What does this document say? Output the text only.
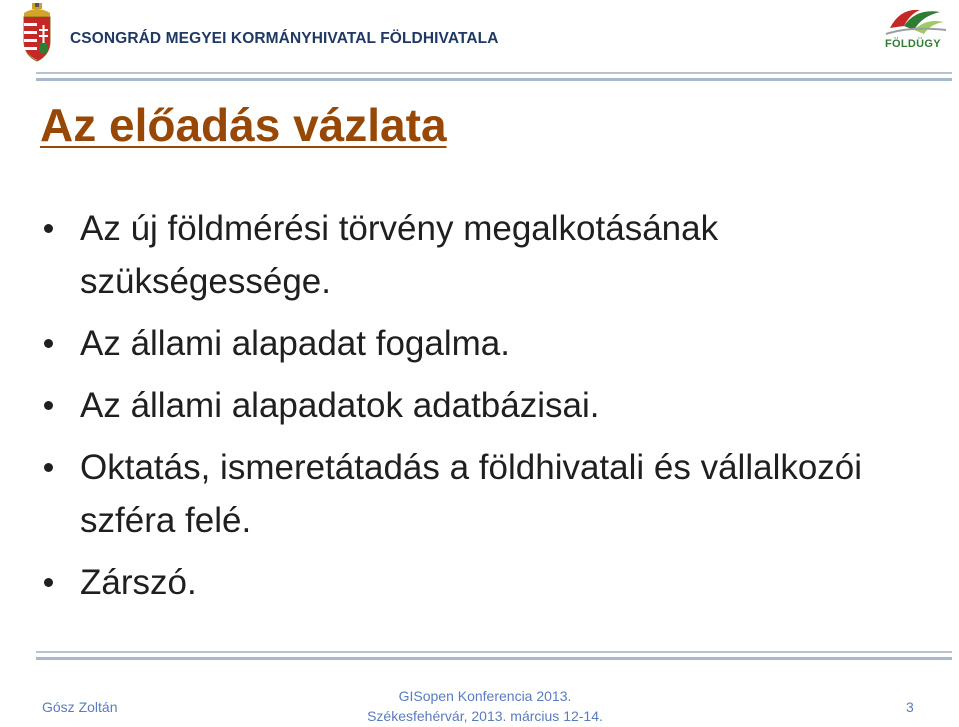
CSONGRÁD MEGYEI KORMÁNYHIVATAL FÖLDHIVATALA	FÖLDÜGY
Az előadás vázlata
Az új földmérési törvény megalkotásának szükségessége.
Az állami alapadat fogalma.
Az állami alapadatok adatbázisai.
Oktatás, ismeretátadás a földhivatali és vállalkozói szféra felé.
Zárszó.
Gósz Zoltán
GISopen Konferencia 2013.
Székesfehérvár, 2013. március 12-14.
3
